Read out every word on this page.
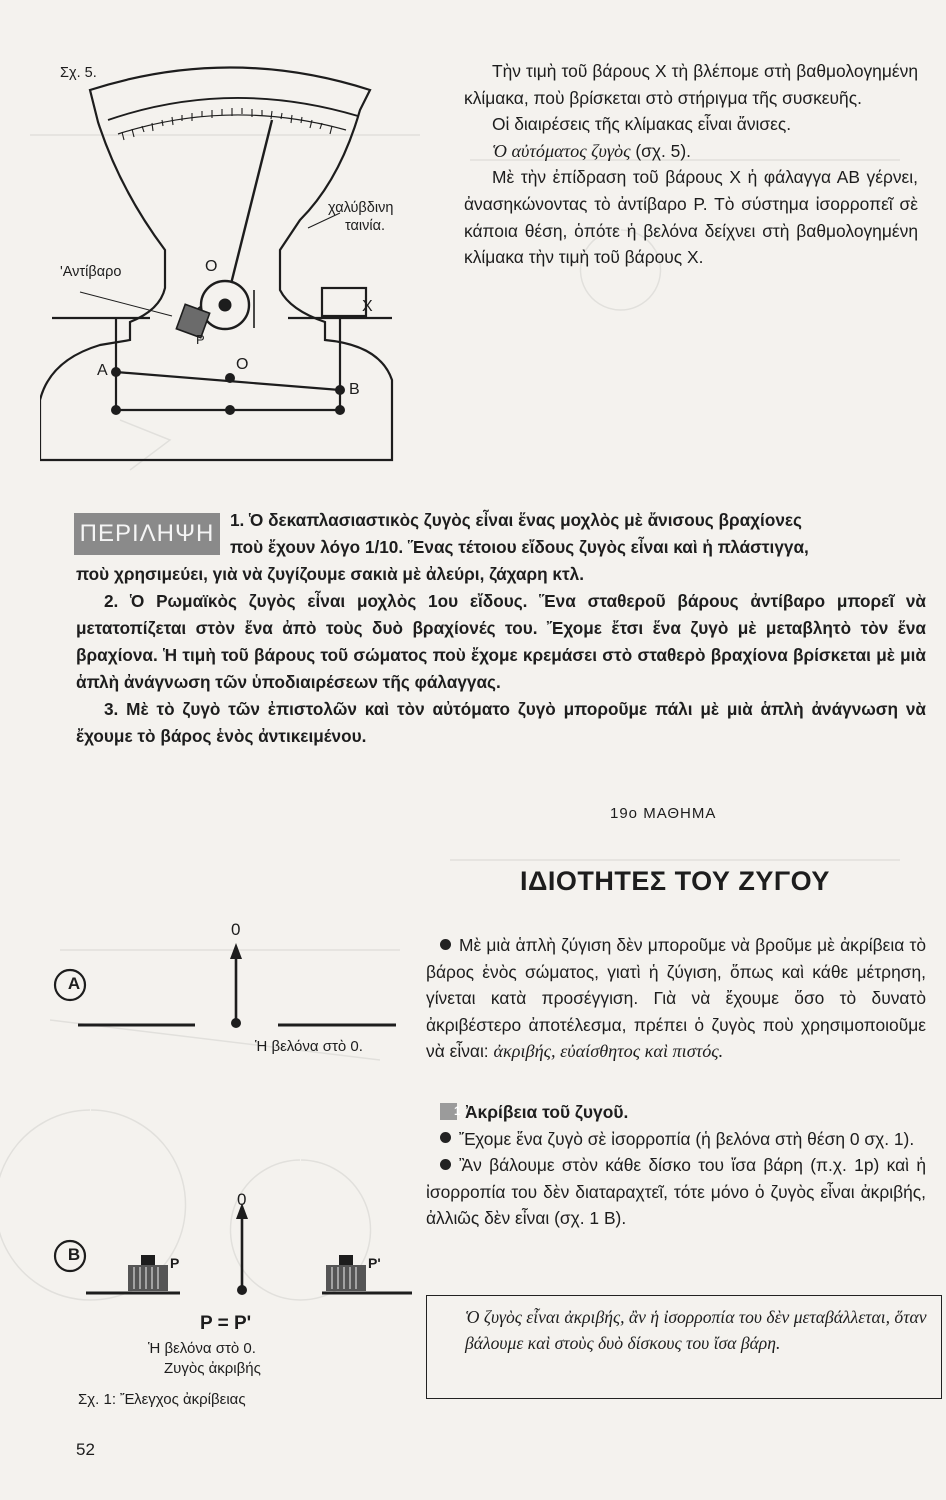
Σχ. 5.
χαλύβδινη
ταινία.
'Αντίβαρο	O
P
X
A	O
B

Τὴν τιμὴ τοῦ βάρους Χ τὴ βλέπομε στὴ βαθμολογημένη κλίμακα, ποὺ βρίσκεται στὸ στήριγμα τῆς συσκευῆς.

Οἱ διαιρέσεις τῆς κλίμακας εἶναι ἄνισες.

Ὁ αὐτόματος ζυγὸς (σχ. 5).

Μὲ τὴν ἐπίδραση τοῦ βάρους Χ ἡ φάλαγγα ΑΒ γέρνει, ἀνασηκώνοντας τὸ ἀντίβαρο Ρ. Τὸ σύστημα ἰσορροπεῖ σὲ κάποια θέση, ὁπότε ἡ βελόνα δείχνει στὴ βαθμολογημένη κλίμακα τὴν τιμὴ τοῦ βάρους Χ.

ΠΕΡΙΛΗΨΗ 1. Ὁ δεκαπλασιαστικὸς ζυγὸς εἶναι ἕνας μοχλὸς μὲ ἄνισους βραχίονες

ποὺ ἔχουν λόγο 1/10. Ἕνας τέτοιου εἴδους ζυγὸς εἶναι καὶ ἡ πλάστιγγα,

ποὺ χρησιμεύει, γιὰ νὰ ζυγίζουμε σακιὰ μὲ ἀλεύρι, ζάχαρη κτλ.

2. Ὁ Ρωμαϊκὸς ζυγὸς εἶναι μοχλὸς 1ου εἴδους. Ἕνα σταθεροῦ βάρους ἀντίβαρο μπορεῖ νὰ μετατοπίζεται στὸν ἕνα ἀπὸ τοὺς δυὸ βραχίονές του. Ἔχομε ἔτσι ἕνα ζυγὸ μὲ μεταβλητὸ τὸν ἕνα βραχίονα. Ἡ τιμὴ τοῦ βάρους τοῦ σώματος ποὺ ἔχομε κρεμάσει στὸ σταθερὸ βραχίονα βρίσκεται μὲ μιὰ ἁπλὴ ἀνάγνωση τῶν ὑποδιαιρέσεων τῆς φάλαγγας.

3. Μὲ τὸ ζυγὸ τῶν ἐπιστολῶν καὶ τὸν αὐτόματο ζυγὸ μποροῦμε πάλι μὲ μιὰ ἁπλὴ ἀνάγνωση νὰ ἔχουμε τὸ βάρος ἑνὸς ἀντικειμένου.

19ο ΜΑΘΗΜΑ
ΙΔΙΟΤΗΤΕΣ ΤΟΥ ΖΥΓΟΥ

Μὲ μιὰ ἁπλὴ ζύγιση δὲν μποροῦμε νὰ βροῦμε μὲ ἀκρίβεια τὸ βάρος ἑνὸς σώματος, γιατὶ ἡ ζύγιση, ὅπως καὶ κάθε μέτρηση, γίνεται κατὰ προσέγγιση. Γιὰ νὰ ἔχουμε ὅσο τὸ δυνατὸ ἀκριβέστερο ἀποτέλεσμα, πρέπει ὁ ζυγὸς ποὺ χρησιμοποιοῦμε νὰ εἶναι: ἀκριβής, εὐαίσθητος καὶ πιστός.

1 Ἀκρίβεια τοῦ ζυγοῦ.

Ἔχομε ἕνα ζυγὸ σὲ ἰσορροπία (ἡ βελόνα στὴ θέση 0 σχ. 1).

Ἂν βάλουμε στὸν κάθε δίσκο του ἴσα βάρη (π.χ. 1p) καὶ ἡ ἰσορροπία του δὲν διαταραχτεῖ, τότε μόνο ὁ ζυγὸς εἶναι ἀκριβής, ἀλλιῶς δὲν εἶναι (σχ. 1 Β).

Ὁ ζυγὸς εἶναι ἀκριβής, ἂν ἡ ἰσορροπία του δὲν μεταβάλλεται, ὅταν βάλουμε καὶ στοὺς δυὸ δίσκους του ἴσα βάρη.

A
0
Ἡ βελόνα στὸ 0.
B
0
P	P'
P = P'
Ἡ βελόνα στὸ 0.
Ζυγὸς ἀκριβής
Σχ. 1: Ἔλεγχος ἀκρίβειας
52
